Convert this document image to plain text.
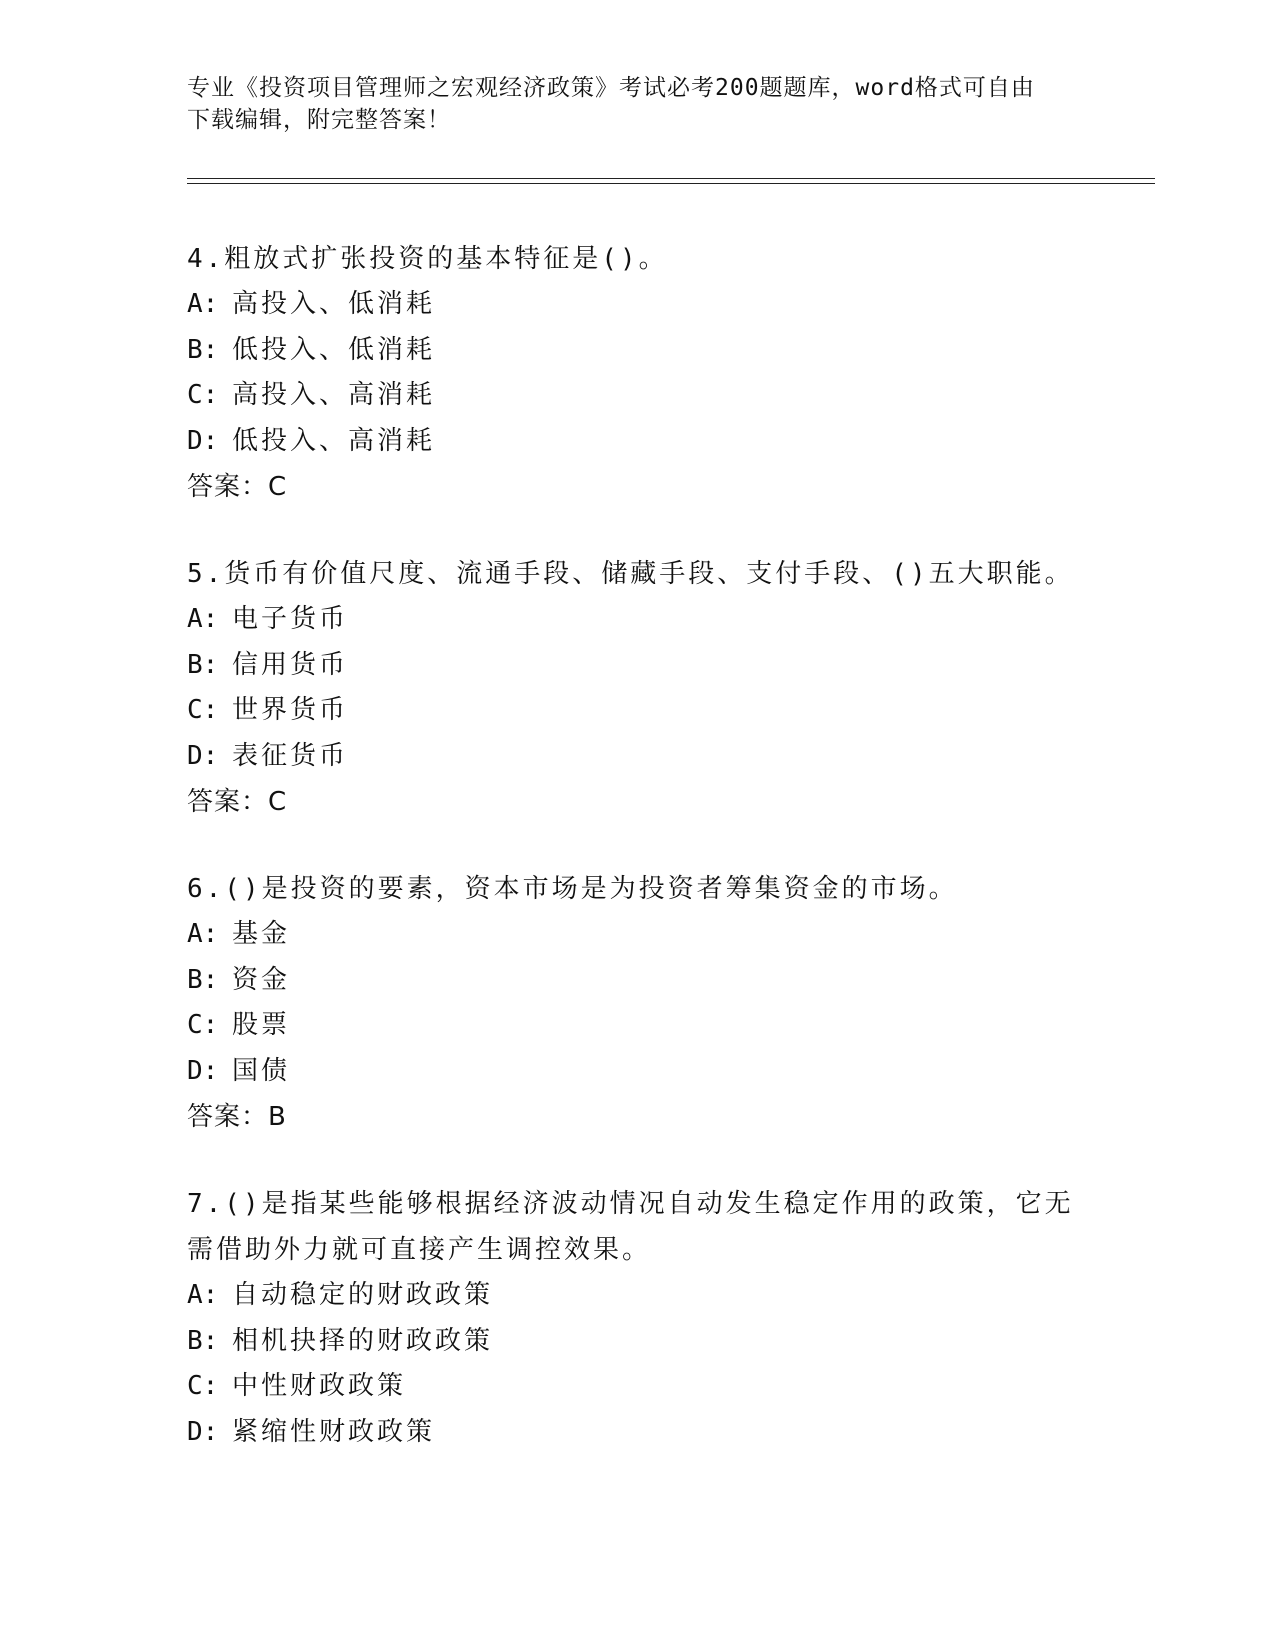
专业《投资项目管理师之宏观经济政策》考试必考200题题库，word格式可自由
下载编辑，附完整答案！
4.粗放式扩张投资的基本特征是()。
A: 高投入、低消耗
B: 低投入、低消耗
C: 高投入、高消耗
D: 低投入、高消耗
答案：C
5.货币有价值尺度、流通手段、储藏手段、支付手段、()五大职能。
A: 电子货币
B: 信用货币
C: 世界货币
D: 表征货币
答案：C
6.()是投资的要素，资本市场是为投资者筹集资金的市场。
A: 基金
B: 资金
C: 股票
D: 国债
答案：B
7.()是指某些能够根据经济波动情况自动发生稳定作用的政策，它无
需借助外力就可直接产生调控效果。
A: 自动稳定的财政政策
B: 相机抉择的财政政策
C: 中性财政政策
D: 紧缩性财政政策
